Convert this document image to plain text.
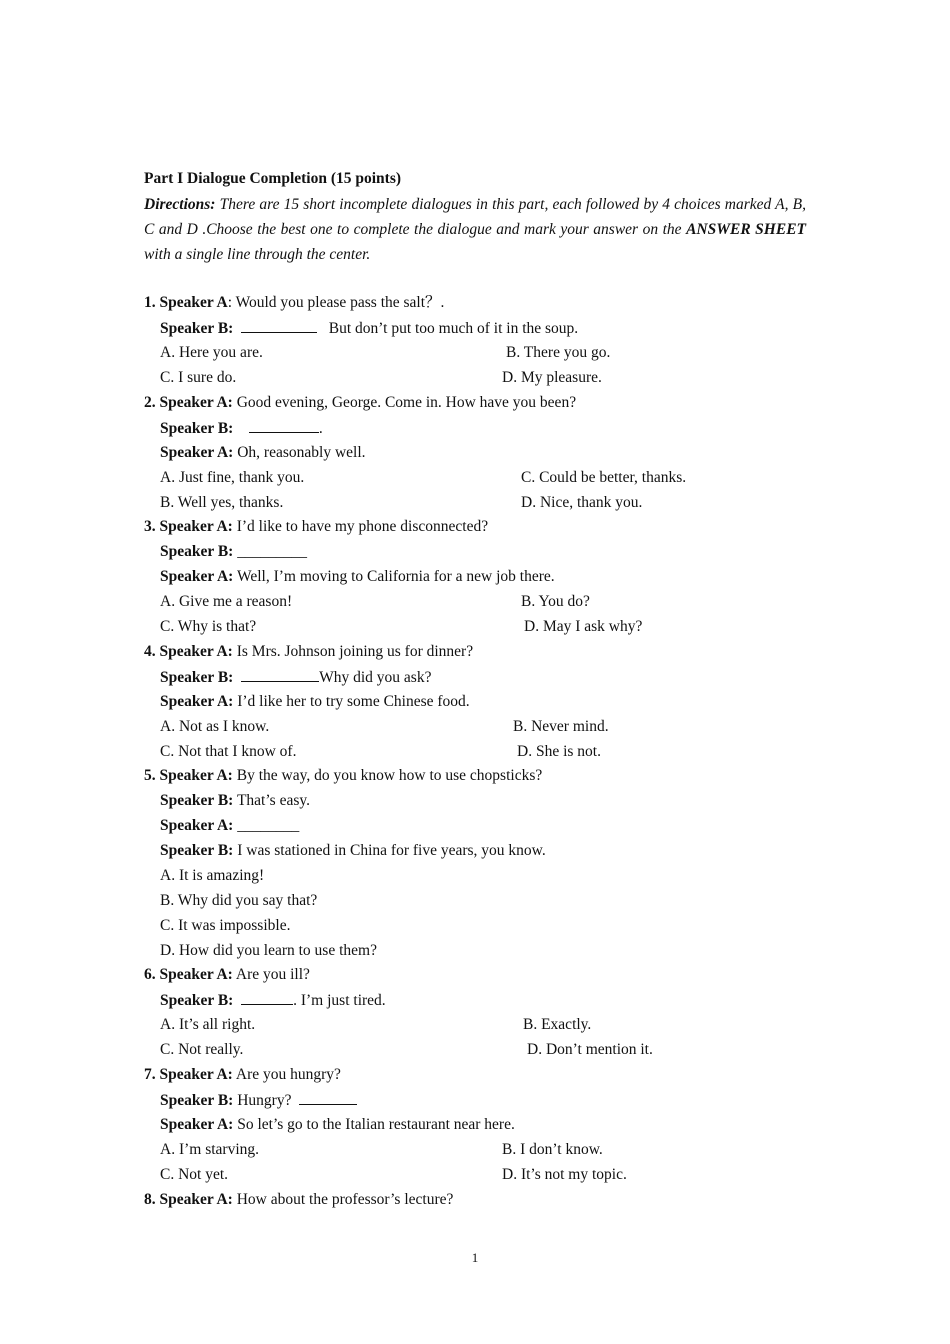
Part I Dialogue Completion (15 points)
Directions: There are 15 short incomplete dialogues in this part, each followed by 4 choices marked A, B, C and D .Choose the best one to complete the dialogue and mark your answer on the ANSWER SHEET with a single line through the center.
1. Speaker A: Would you please pass the salt？.
Speaker B:	But don’t put too much of it in the soup.
A. Here you are.	B. There you go.
C. I sure do.	D. My pleasure.
2. Speaker A: Good evening, George. Come in. How have you been?
Speaker B:	.
Speaker A: Oh, reasonably well.
A. Just fine, thank you.	C. Could be better, thanks.
B. Well yes, thanks.	D. Nice, thank you.
3. Speaker A: I’d like to have my phone disconnected?
Speaker B: _________
Speaker A: Well, I’m moving to California for a new job there.
A. Give me a reason!	B. You do?
C. Why is that?	D. May I ask why?
4. Speaker A: Is Mrs. Johnson joining us for dinner?
Speaker B:	Why did you ask?
Speaker A: I’d like her to try some Chinese food.
A. Not as I know.	B. Never mind.
C. Not that I know of.	D. She is not.
5. Speaker A: By the way, do you know how to use chopsticks?
Speaker B: That’s easy.
Speaker A: ________
Speaker B: I was stationed in China for five years, you know.
A. It is amazing!
B. Why did you say that?
C. It was impossible.
D. How did you learn to use them?
6. Speaker A: Are you ill?
Speaker B:	. I’m just tired.
A. It’s all right.	B. Exactly.
C. Not really.	D. Don’t mention it.
7. Speaker A: Are you hungry?
Speaker B: Hungry?
Speaker A: So let’s go to the Italian restaurant near here.
A. I’m starving.	B. I don’t know.
C. Not yet.	D. It’s not my topic.
8. Speaker A: How about the professor’s lecture?
1
